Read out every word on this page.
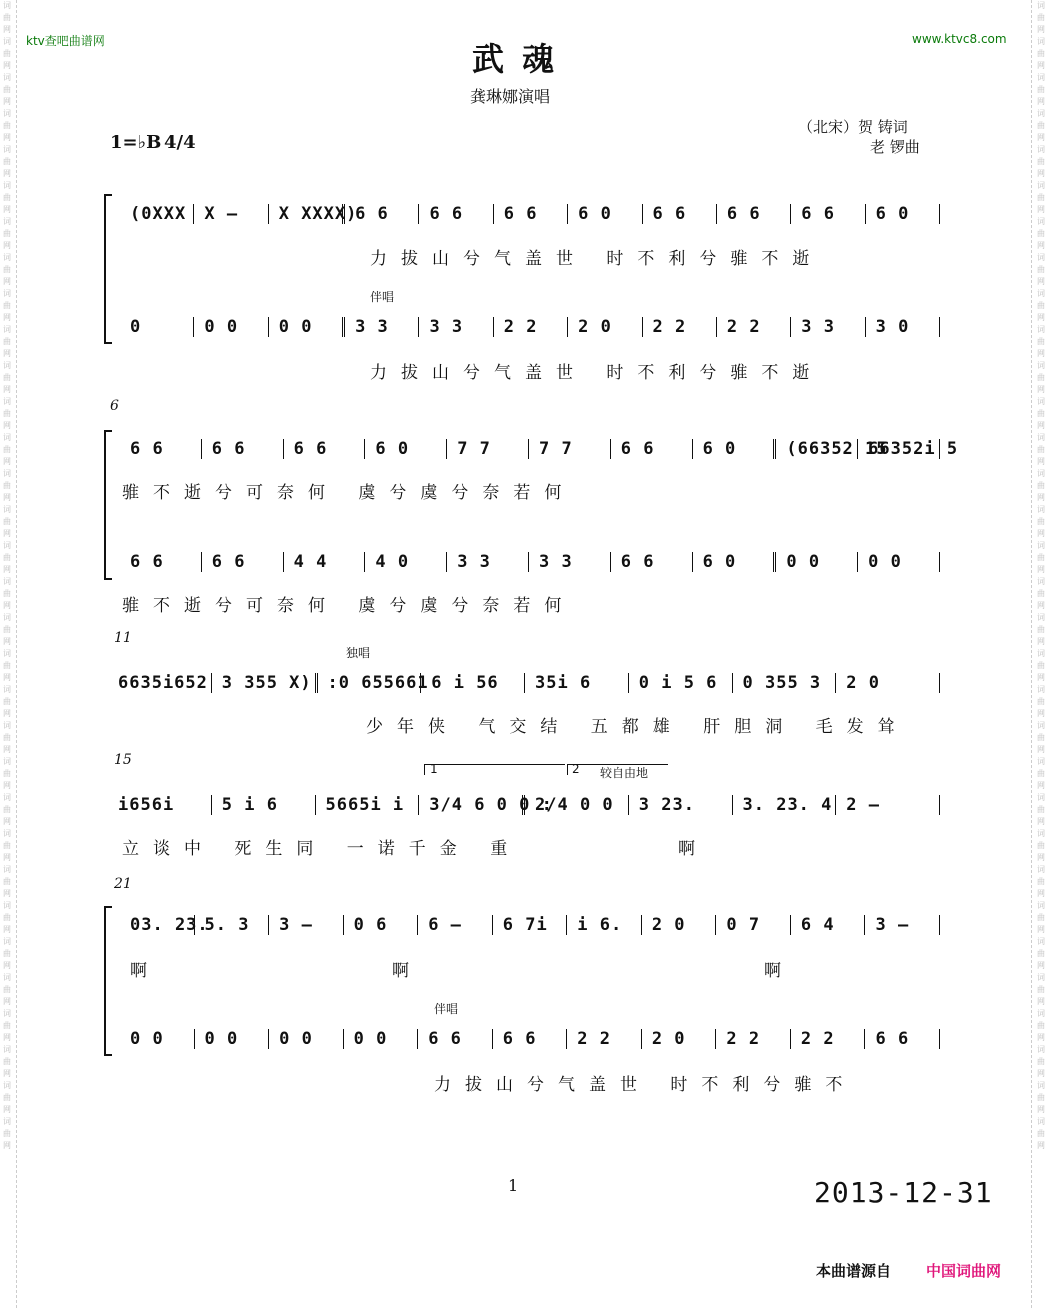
词曲网词曲网词曲网词曲网词曲网词曲网词曲网词曲网词曲网词曲网词曲网词曲网词曲网词曲网词曲网词曲网词曲网词曲网词曲网词曲网词曲网词曲网词曲网词曲网词曲网词曲网词曲网词曲网词曲网词曲网词曲网词曲网
词曲网词曲网词曲网词曲网词曲网词曲网词曲网词曲网词曲网词曲网词曲网词曲网词曲网词曲网词曲网词曲网词曲网词曲网词曲网词曲网词曲网词曲网词曲网词曲网词曲网词曲网词曲网词曲网词曲网词曲网词曲网词曲网
ktv查吧曲谱网	www.ktvc8.com
武魂
龚琳娜演唱
（北宋）贺 铸词
老 锣曲
1=♭B 4/4
(0XXX	X –	X XXXX)
6 6	6 6	6 6	6 0	6 6	6 6	6 6	6 0
力拔山兮气盖世 时不利兮骓不逝
伴唱
0	0 0	0 0	3 3	3 3	2 2	2 0	2 2	2 2	3 3	3 0
力拔山兮气盖世 时不利兮骓不逝
6
6 6	6 6	6 6	6 0	7 7	7 7	6 6	6 0	(66352 15
66352i 5
骓不逝兮可奈何 虞兮虞兮奈若何
6 6	6 6	4 4	4 0	3 3	3 3	6 6	6 0	0 0	0 0
骓不逝兮可奈何 虞兮虞兮奈若何
11
独唱
6635i652 3 355 X) :0 655661 6 i 56	35i 6	0 i 5 6	0 355 3	2 0
少年侠 气交结 五都雄 肝胆洞 毛发耸
15
1	2 较自由地
i656i	5 i 6	5665i i	3/4 6 0 0 :
2/4 0 0	3 23.	3. 23. 4 2 –
立谈中 死生同 一诺千金 重	啊
21
03. 23.
5. 3	3 –	0 6	6 –	6 7i	i 6.	2 0	0 7	6 4	3 –
啊	啊	啊
伴唱
0 0	0 0	0 0	0 0	6 6	6 6	2 2	2 0	2 2	2 2	6 6
力拔山兮气盖世 时不利兮骓不
1	2013-12-31
本曲谱源自 中国词曲网
